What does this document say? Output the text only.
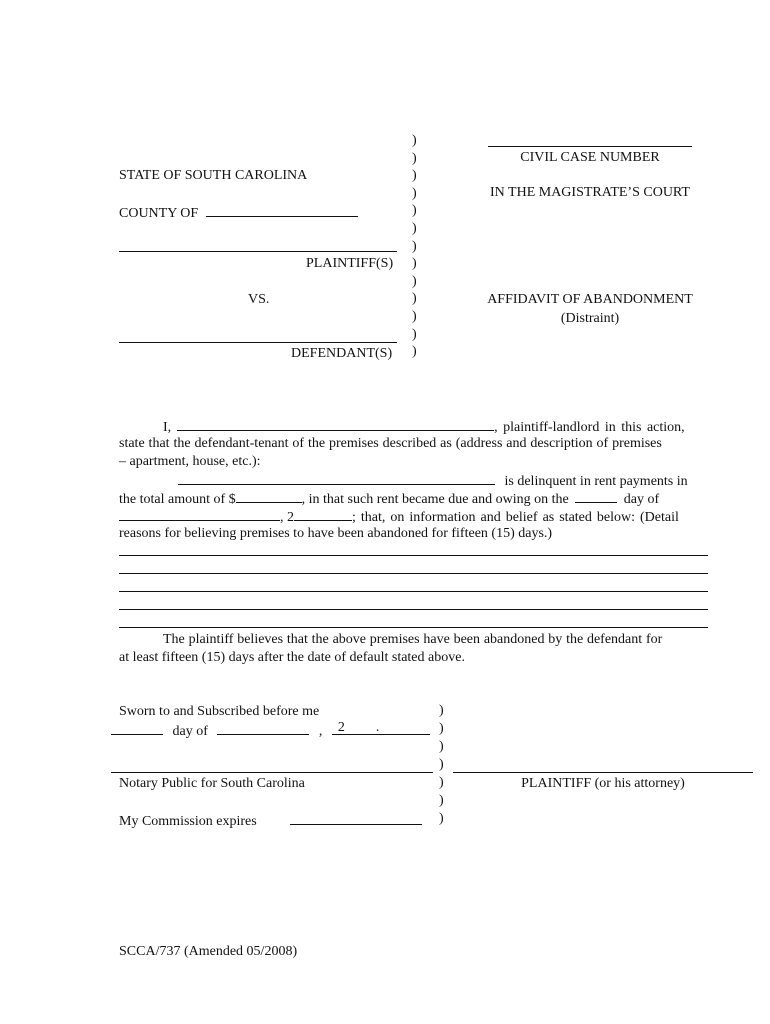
STATE OF SOUTH CAROLINA
COUNTY OF
PLAINTIFF(S)
VS.
DEFENDANT(S)
)
)
)
)
)
)
)
)
)
)
)
)
)
CIVIL CASE NUMBER
IN THE MAGISTRATE’S COURT
AFFIDAVIT OF ABANDONMENT
(Distraint)
I,	, plaintiff-landlord in this action,
state that the defendant-tenant of the premises described as (address and description of premises
– apartment, house, etc.):
is delinquent in rent payments in
the total amount of $	, in that such rent became due and owing on the	day of
, 2	; that, on information and belief as stated below: (Detail
reasons for believing premises to have been abandoned for fifteen (15) days.)
The plaintiff believes that the above premises have been abandoned by the defendant for
at least fifteen (15) days after the date of default stated above.
Sworn to and Subscribed before me
day of	, 2 .
Notary Public for South Carolina
My Commission expires
)
)
)
)
)
)
)
PLAINTIFF (or his attorney)
SCCA/737 (Amended 05/2008)
